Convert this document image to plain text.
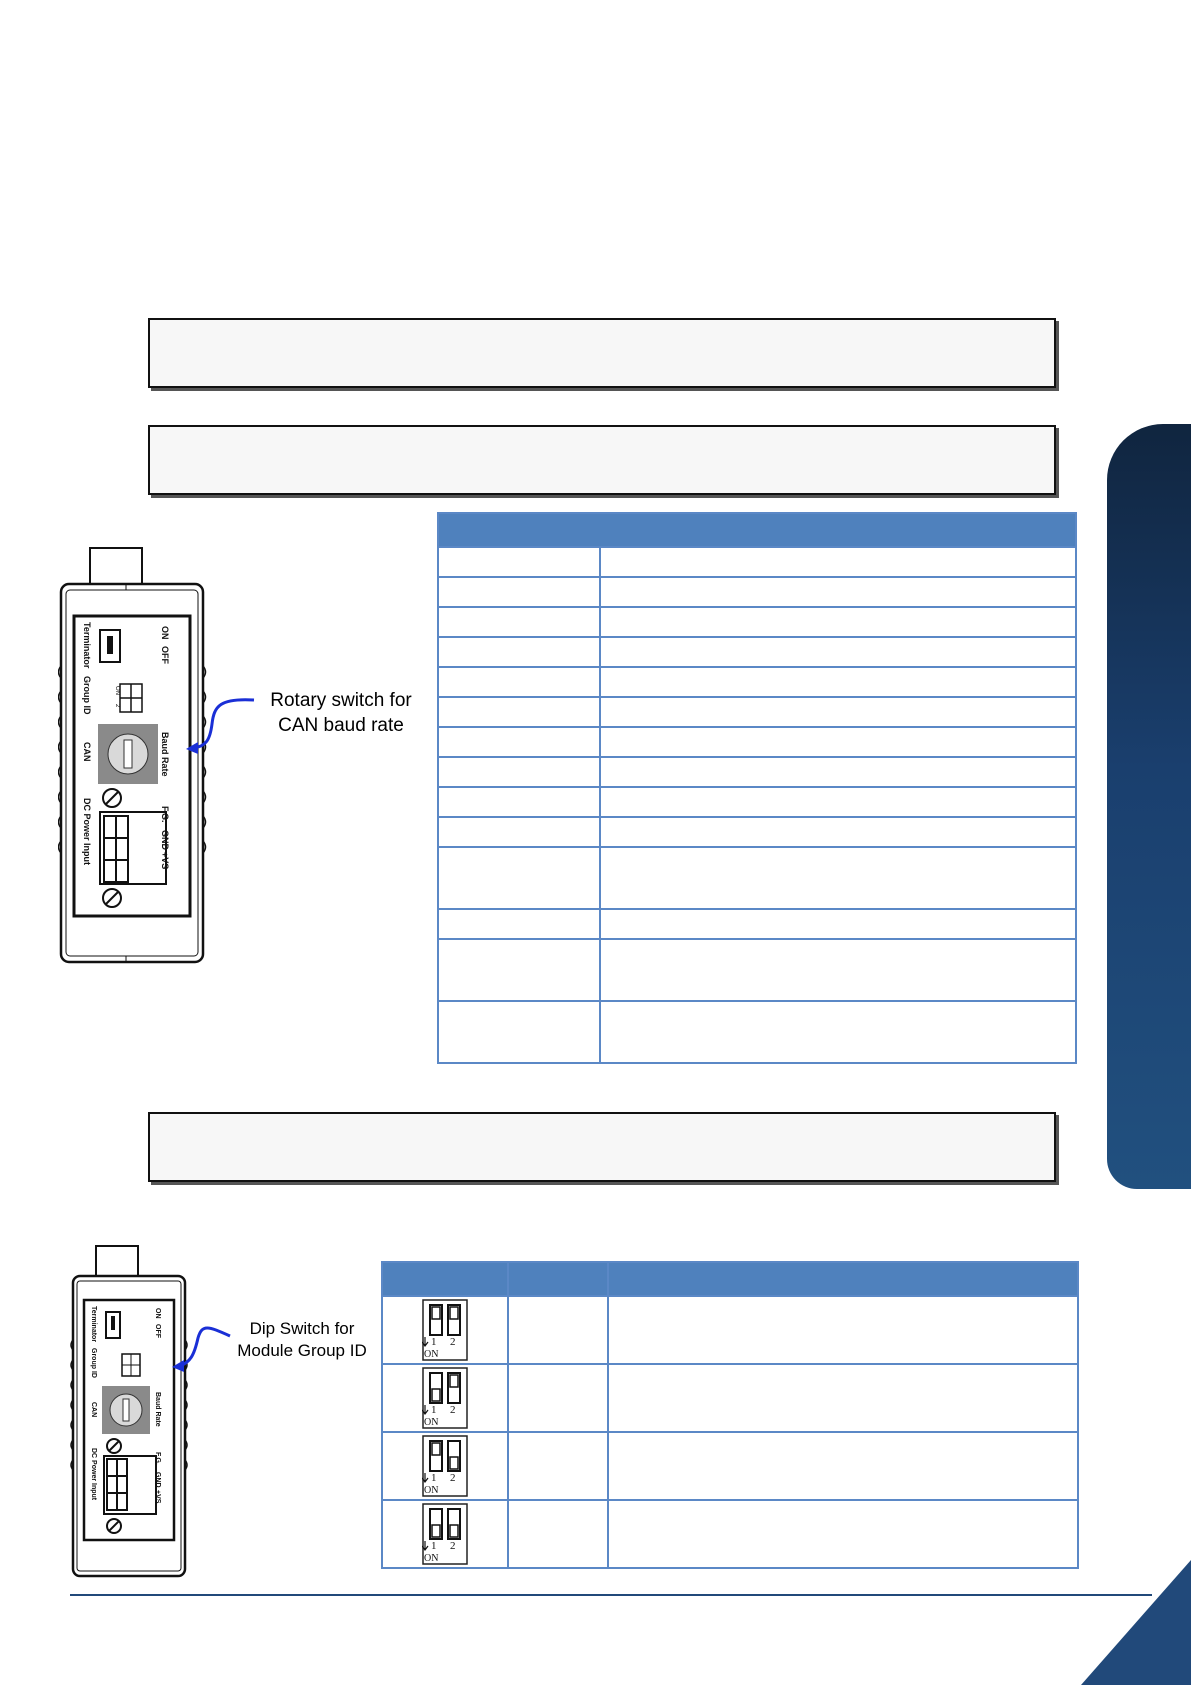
ON
OFF
Terminator
Group ID
CAN
DC Power Input
Baud Rate
F.G.
GND
+VS
ON
2	Rotary switch for CAN baud rate

ON
OFF
Terminator
Group ID
CAN
DC Power Input
Baud Rate
F.G.
GND
+VS
Dip Switch for Module Group ID
			1 2
ON		

1 2
ON		

1 2
ON		

1 2
ON		
